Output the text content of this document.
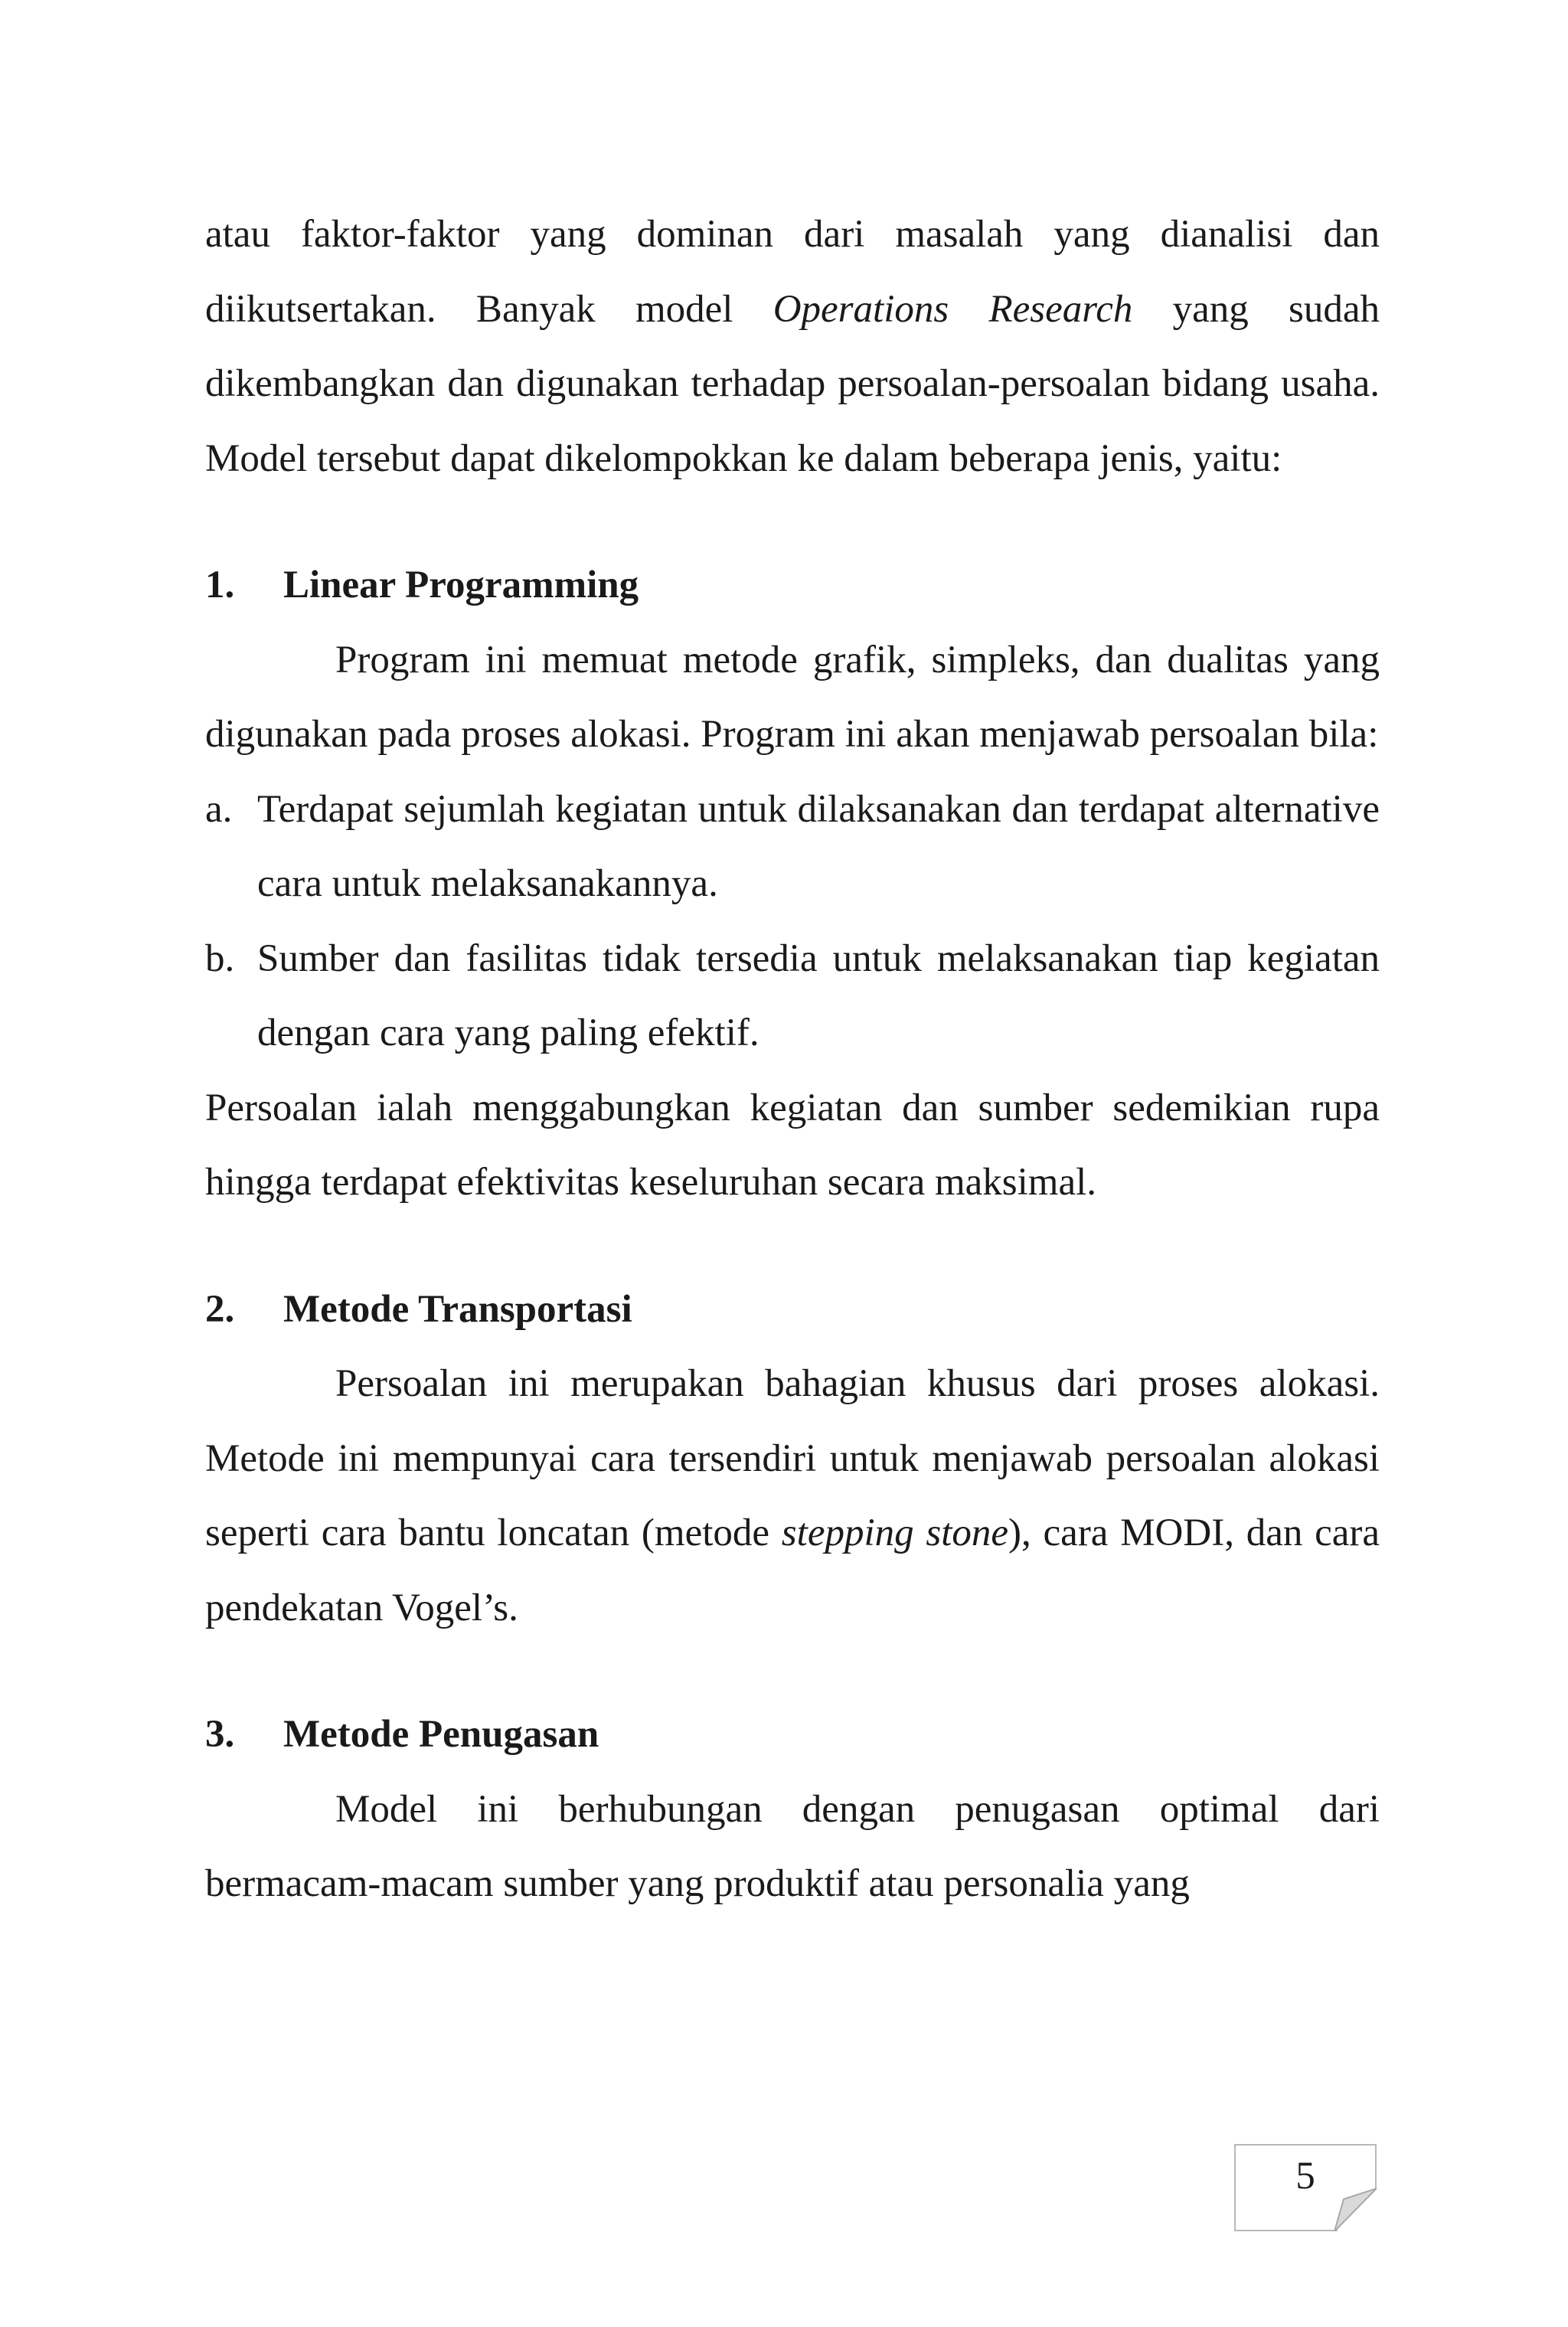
atau faktor-faktor yang dominan dari masalah yang dianalisi dan diikutsertakan. Banyak model Operations Research yang sudah dikembangkan dan digunakan terhadap persoalan-persoalan bidang usaha. Model tersebut dapat dikelompokkan ke dalam beberapa jenis, yaitu:

1. Linear Programming

Program ini memuat metode grafik, simpleks, dan dualitas yang digunakan pada proses alokasi. Program ini akan menjawab persoalan bila:

a. Terdapat sejumlah kegiatan untuk dilaksanakan dan terdapat alternative cara untuk melaksanakannya.
b. Sumber dan fasilitas tidak tersedia untuk melaksanakan tiap kegiatan dengan cara yang paling efektif.

Persoalan ialah menggabungkan kegiatan dan sumber sedemikian rupa hingga terdapat efektivitas keseluruhan secara maksimal.

2. Metode Transportasi

Persoalan ini merupakan bahagian khusus dari proses alokasi. Metode ini mempunyai cara tersendiri untuk menjawab persoalan alokasi seperti cara bantu loncatan (metode stepping stone), cara MODI, dan cara pendekatan Vogel’s.

3. Metode Penugasan

Model ini berhubungan dengan penugasan optimal dari bermacam-macam sumber yang produktif atau personalia yang

5
